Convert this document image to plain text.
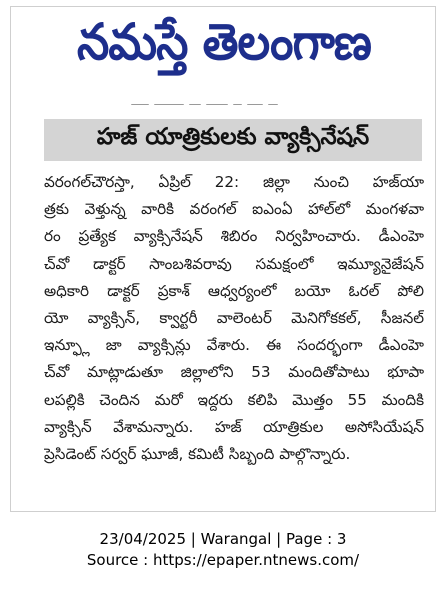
నమస్తే తెలంగాణ
హజ్ యాత్రికులకు వ్యాక్సినేషన్
వరంగల్‌చౌరస్తా, ఏప్రిల్ 22: జిల్లా నుంచి హజ్‌యా
త్రకు వెళ్తున్న వారికి వరంగల్ ఐఎంఏ హాల్‌లో మంగళవా
రం ప్రత్యేక వ్యాక్సినేషన్ శిబిరం నిర్వహించారు. డీఎంహె
చ్‌వో డాక్టర్ సాంబశివరావు సమక్షంలో ఇమ్యూనైజేషన్
అధికారి డాక్టర్ ప్రకాశ్ ఆధ్వర్యంలో బయో ఓరల్ పోలి
యో వ్యాక్సిన్, క్వార్టరీ వాలెంటర్ మెనిగోకకల్, సీజనల్
ఇన్ఫ్లూ జా వ్యాక్సిన్లు వేశారు. ఈ సందర్భంగా డీఎంహె
చ్‌వో మాట్లాడుతూ జిల్లాలోని 53 మందితోపాటు భూపా
లపల్లికి చెందిన మరో ఇద్దరు కలిపి మొత్తం 55 మందికి
వ్యాక్సిన్ వేశామన్నారు. హజ్ యాత్రికుల అసోసియేషన్
ప్రెసిడెంట్ సర్వర్ ఘూజీ, కమిటీ సిబ్బంది పాల్గొన్నారు.
23/04/2025 | Warangal | Page : 3
Source : https://epaper.ntnews.com/
